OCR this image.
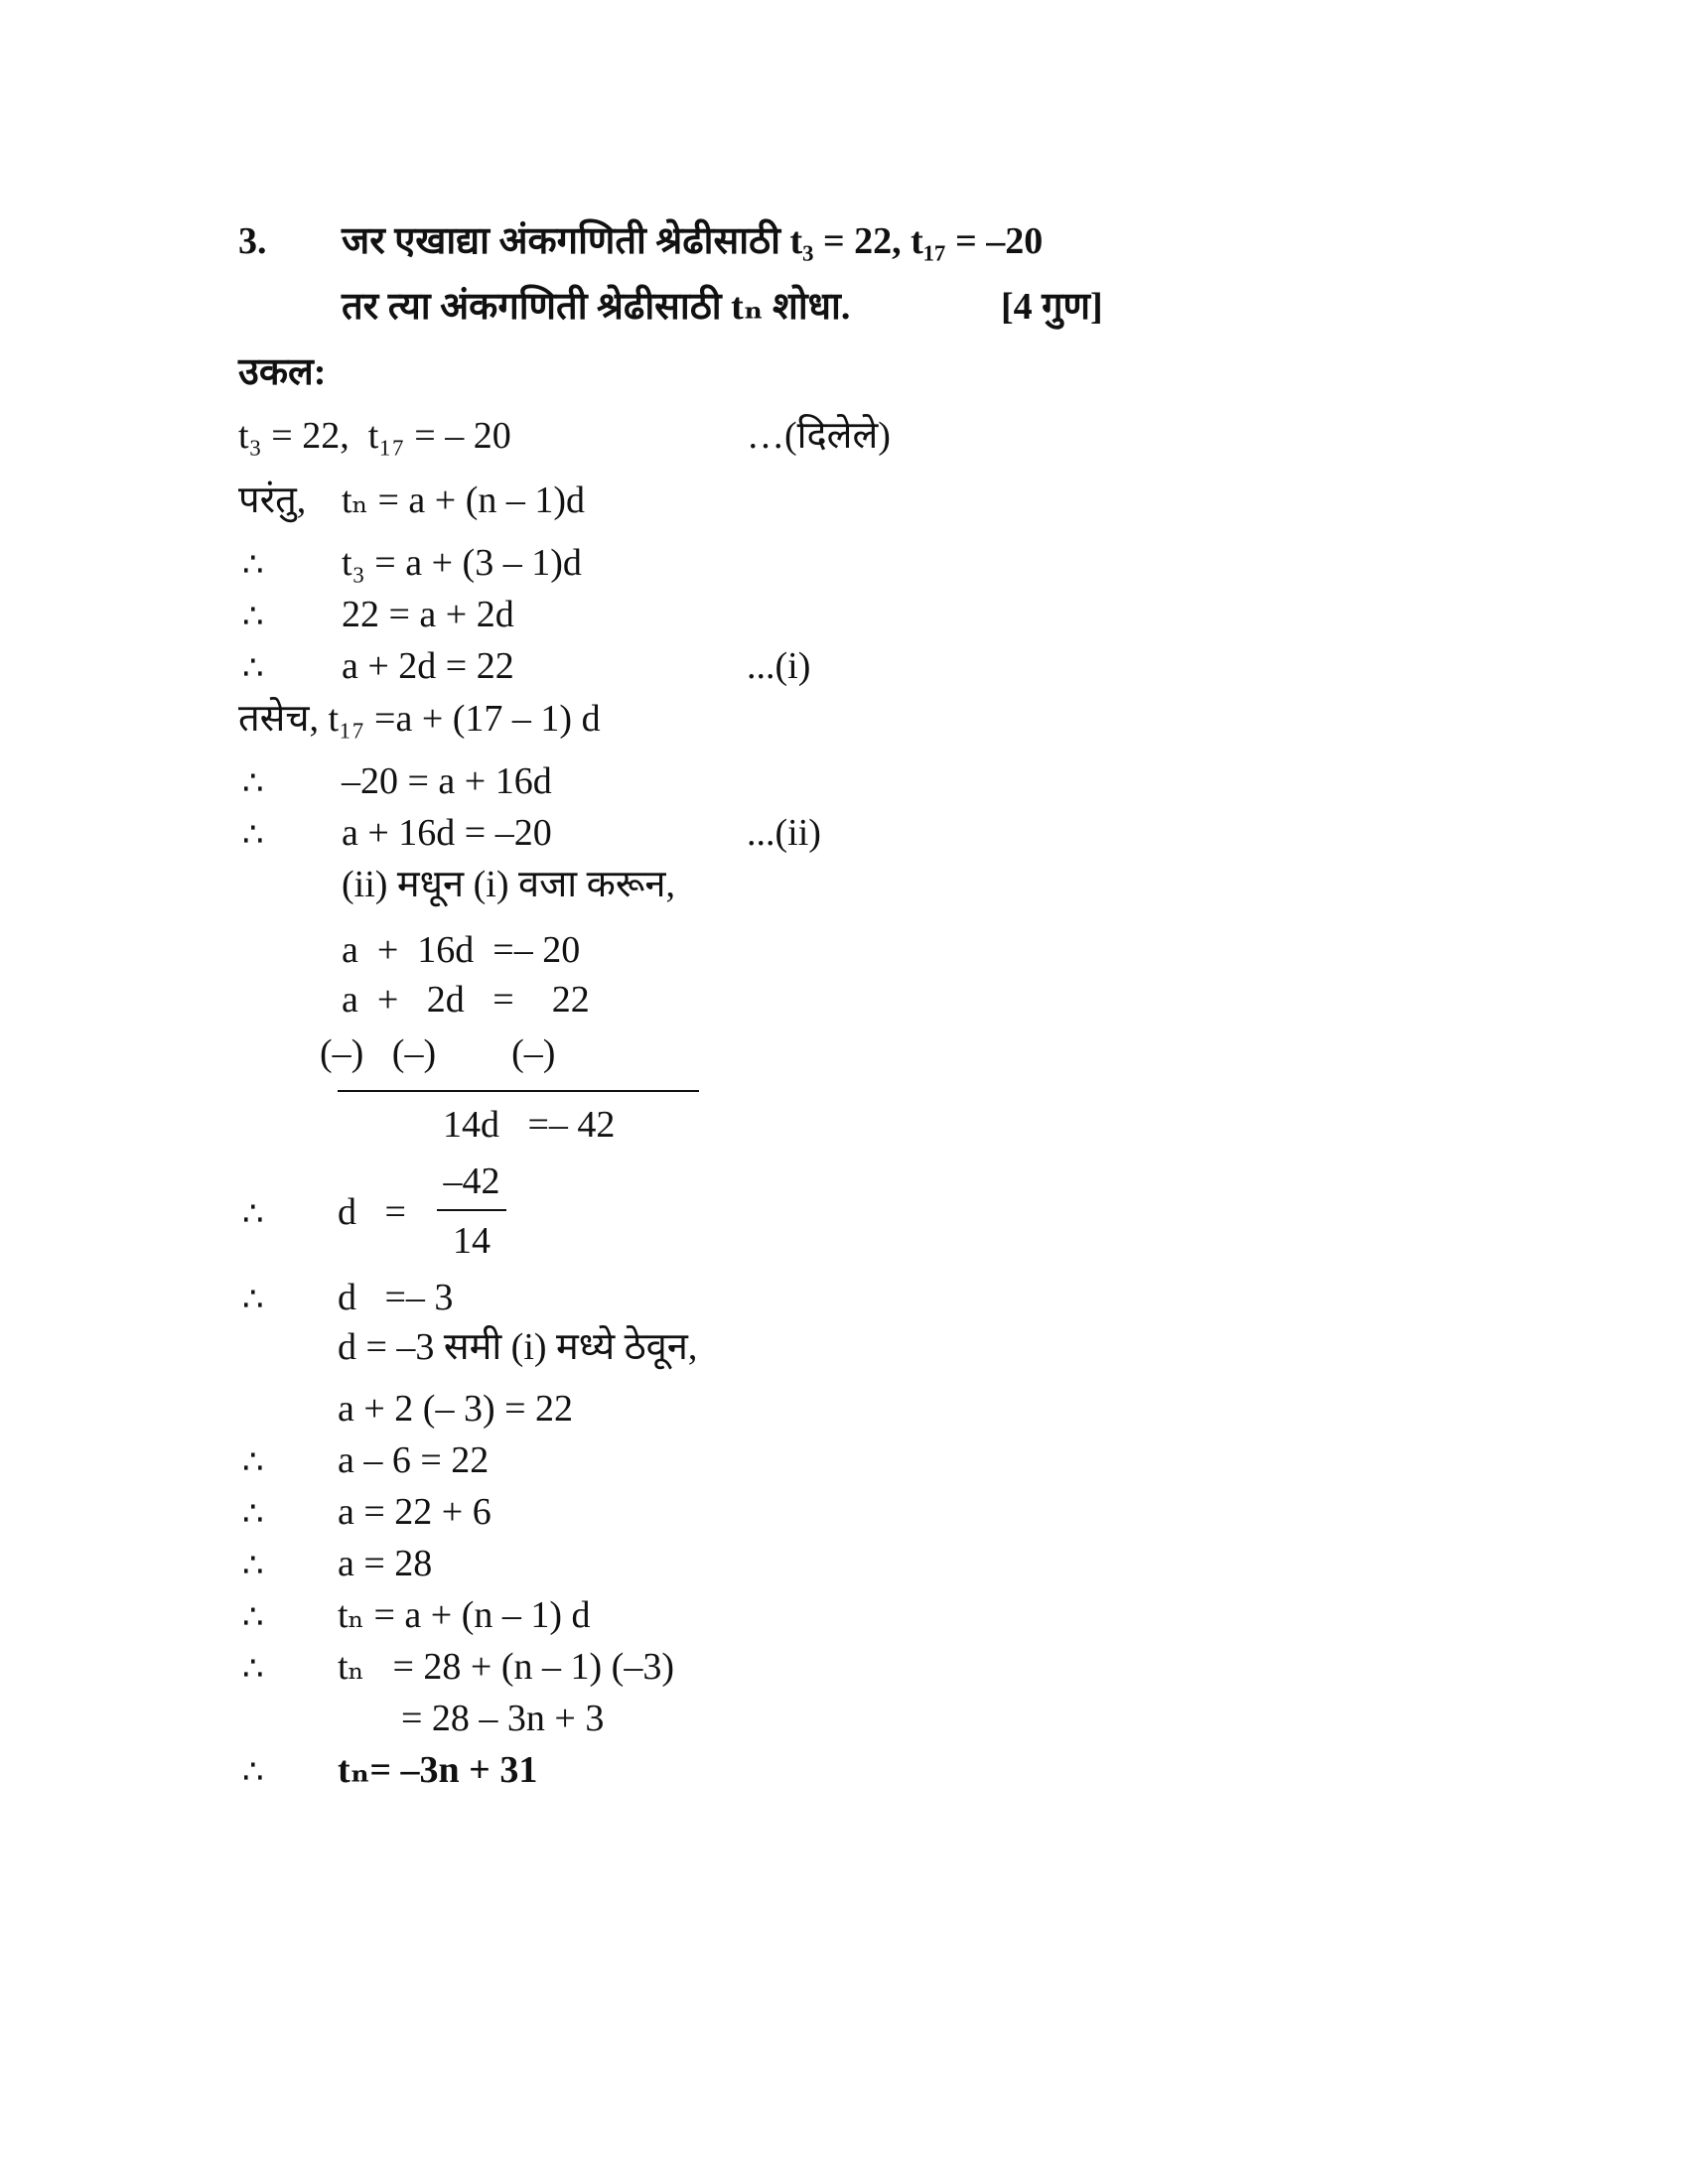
3. जर एखाद्या अंकगणिती श्रेढीसाठी t₃ = 22, t₁₇ = –20
तर त्या अंकगणिती श्रेढीसाठी tₙ शोधा.	[4 गुण]
उकल:
t₃ = 22,  t₁₇ = – 20	…(दिलेले)
परंतु, tₙ = a + (n – 1)d
∴ t₃ = a + (3 – 1)d
∴ 22 = a + 2d
∴ a + 2d = 22	...(i)
तसेच, t₁₇ =a + (17 – 1) d
∴ –20 = a + 16d
∴ a + 16d = –20	...(ii)
(ii) मधून (i) वजा करून,
a  +  16d  =– 20
a  +   2d   =    22
(–)   (–)        (–)
14d   =– 42
∴ d   =
–42
14
∴ d   =– 3
d = –3 समी (i) मध्ये ठेवून,
a + 2 (– 3) = 22
∴ a – 6 = 22
∴ a = 22 + 6
∴ a = 28
∴ tₙ = a + (n – 1) d
∴ tₙ   = 28 + (n – 1) (–3)
= 28 – 3n + 3
∴ tₙ= –3n + 31
